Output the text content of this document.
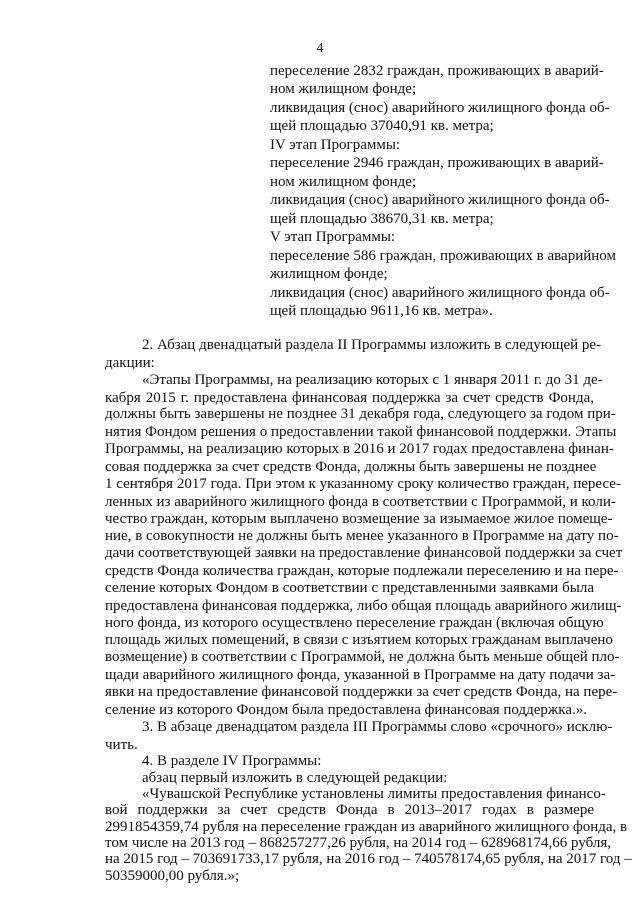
4
переселение 2832 граждан, проживающих в аварий-
ном жилищном фонде;
ликвидация (снос) аварийного жилищного фонда об-
щей площадью 37040,91 кв. метра;
IV этап Программы:
переселение 2946 граждан, проживающих в аварий-
ном жилищном фонде;
ликвидация (снос) аварийного жилищного фонда об-
щей площадью 38670,31 кв. метра;
V этап Программы:
переселение 586 граждан, проживающих в аварийном
жилищном фонде;
ликвидация (снос) аварийного жилищного фонда об-
щей площадью 9611,16 кв. метра».
2. Абзац двенадцатый раздела II Программы изложить в следующей ре-
дакции:
«Этапы Программы, на реализацию которых с 1 января 2011 г. до 31 де-
кабря 2015 г. предоставлена финансовая поддержка за счет средств Фонда,
должны быть завершены не позднее 31 декабря года, следующего за годом при-
нятия Фондом решения о предоставлении такой финансовой поддержки. Этапы
Программы, на реализацию которых в 2016 и 2017 годах предоставлена финан-
совая поддержка за счет средств Фонда, должны быть завершены не позднее
1 сентября 2017 года. При этом к указанному сроку количество граждан, пересе-
ленных из аварийного жилищного фонда в соответствии с Программой, и коли-
чество граждан, которым выплачено возмещение за изымаемое жилое помеще-
ние, в совокупности не должны быть менее указанного в Программе на дату по-
дачи соответствующей заявки на предоставление финансовой поддержки за счет
средств Фонда количества граждан, которые подлежали переселению и на пере-
селение которых Фондом в соответствии с представленными заявками была
предоставлена финансовая поддержка, либо общая площадь аварийного жилищ-
ного фонда, из которого осуществлено переселение граждан (включая общую
площадь жилых помещений, в связи с изъятием которых гражданам выплачено
возмещение) в соответствии с Программой, не должна быть меньше общей пло-
щади аварийного жилищного фонда, указанной в Программе на дату подачи за-
явки на предоставление финансовой поддержки за счет средств Фонда, на пере-
селение из которого Фондом была предоставлена финансовая поддержка.».
3. В абзаце двенадцатом раздела III Программы слово «срочного» исклю-
чить.
4. В разделе IV Программы:
абзац первый изложить в следующей редакции:
«Чувашской Республике установлены лимиты предоставления финансо-
вой поддержки за счет средств Фонда в 2013–2017 годах в размере
2991854359,74 рубля на переселение граждан из аварийного жилищного фонда, в
том числе на 2013 год – 868257277,26 рубля, на 2014 год – 628968174,66 рубля,
на 2015 год – 703691733,17 рубля, на 2016 год – 740578174,65 рубля, на 2017 год –
50359000,00 рубля.»;
